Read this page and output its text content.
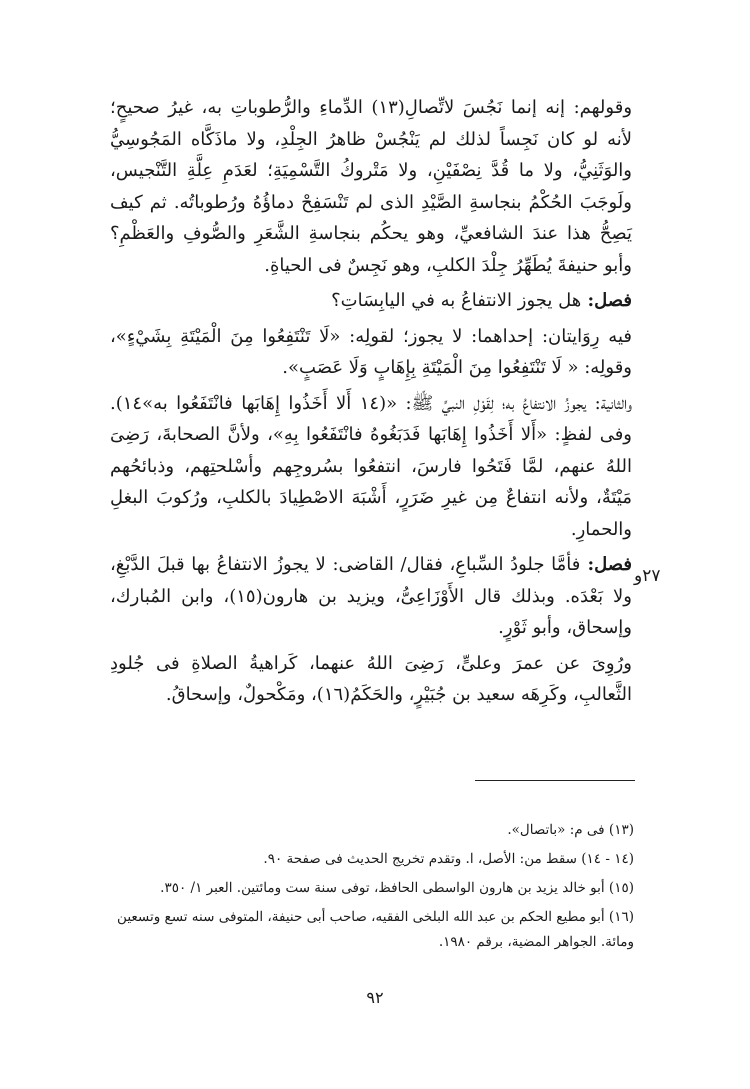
٢٧و

وقولهم: إنه إنما نَجُسَ لاتِّصالِ(١٣) الدِّماءِ والرُّطوباتِ به، غيرُ صحيحٍ؛ لأنه لو كان نَجِساً لذلك لم يَنْجُسْ ظاهرُ الجِلْدِ، ولا ماذَكَّاه المَجُوسِيُّ والوَثَنِيُّ، ولا ما قُدَّ نِصْفَيْنِ، ولا مَتْروكُ التَّسْمِيَةِ؛ لعَدَمِ عِلَّةِ التَّنْجيس، ولَوجَبَ الحُكْمُ بنجاسةِ الصَّيْدِ الذى لم تَنْسَفِحْ دماؤُهُ ورُطوباتُه. ثم كيف يَصِحُّ هذا عندَ الشافعيِّ، وهو يحكُم بنجاسةِ الشَّعَرِ والصُّوفِ والعَظْمِ؟ وأبو حنيفةَ يُطَهِّرُ جِلْدَ الكلبِ، وهو نَجِسٌ فى الحياةِ.

فصل: هل يجوز الانتفاعُ به في اليابِسَاتِ؟

فيه رِوَايتان: إحداهما: لا يجوز؛ لقولِه: «لَا تَنْتَفِعُوا مِنَ الْمَيْتَةِ بِشَيْءٍ»، وقولِه: « لَا تَنْتَفِعُوا مِنَ الْمَيْتَةِ بِإِهَابٍ وَلَا عَصَبٍ».

والثانية: يجوزُ الانتفاعُ به؛ لِقَوْلِ النبيِّ ﷺ: «(١٤ أَلا أَخَذُوا إِهَابَها فانْتَفَعُوا به»١٤). وفى لفظٍ: «أَلا أَخَذُوا إِهَابَها فَدَبَغُوهُ فانْتَفَعُوا بِهِ»، ولأنَّ الصحابةَ، رَضِىَ اللهُ عنهم، لمَّا فَتَحُوا فارسَ، انتفعُوا بسُروجِهم وأسْلحتِهم، وذبائحُهم مَيْتَةٌ، ولأنه انتفاعٌ مِن غيرِ ضَرَرٍ، أَشْبَهَ الاصْطِيادَ بالكلبِ، ورُكوبَ البغلِ والحمارِ.

فصل: فأمَّا جلودُ السِّباعِ، فقال/ القاضى: لا يجوزُ الانتفاعُ بها قبلَ الدَّبْغِ، ولا بَعْدَه. وبذلك قال الأَوْزَاعِىُّ، ويزيد بن هارون(١٥)، وابن المُبارك، وإسحاق، وأبو ثَوْرٍ.

ورُوِىَ عن عمرَ وعلىٍّ، رَضِىَ اللهُ عنهما، كَراهيةُ الصلاةِ فى جُلودِ الثَّعالبِ، وكَرِهَه سعيد بن جُبَيْرٍ، والحَكَمُ(١٦)، ومَكْحولٌ، وإسحاقُ.

(١٣) فى م: «باتصال».

(١٤ - ١٤) سقط من: الأصل، ا. وتقدم تخريج الحديث فى صفحة ٩٠.

(١٥) أبو خالد يزيد بن هارون الواسطى الحافظ، توفى سنة ست ومائتين. العبر ١/ ٣٥٠.

(١٦) أبو مطيع الحكم بن عبد الله البلخى الفقيه، صاحب أبى حنيفة، المتوفى سنه تسع وتسعين ومائة. الجواهر المضية، برقم ١٩٨٠.

٩٢
